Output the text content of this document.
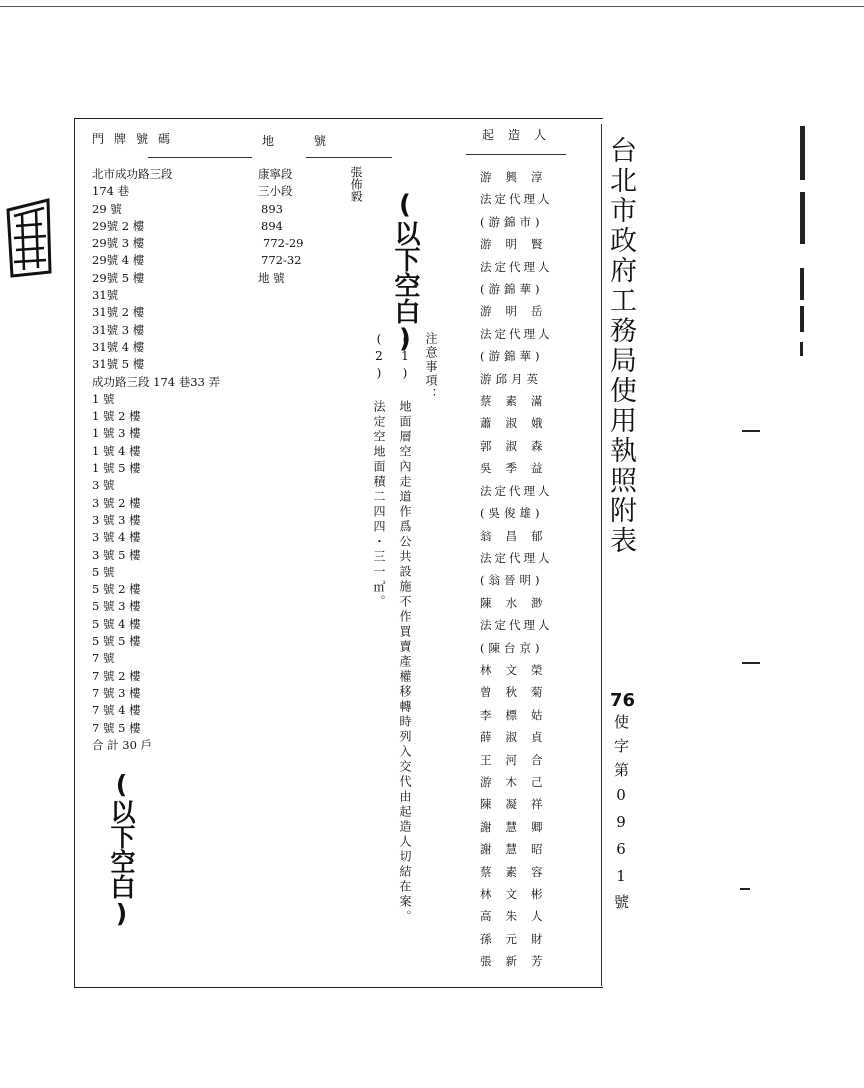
門牌號碼	地號	起造人
北市成功路三段
174 巷
29 號
29號 2 樓
29號 3 樓
29號 4 樓
29號 5 樓
31號
31號 2 樓
31號 3 樓
31號 4 樓
31號 5 樓
成功路三段 174 巷33 弄
1 號
1 號 2 樓
1 號 3 樓
1 號 4 樓
1 號 5 樓
3 號
3 號 2 樓
3 號 3 樓
3 號 4 樓
3 號 5 樓
5 號
5 號 2 樓
5 號 3 樓
5 號 4 樓
5 號 5 樓
7 號
7 號 2 樓
7 號 3 樓
7 號 4 樓
7 號 5 樓
合 計 30 戶
(以下空白)
康寧段
三小段
893
894
772-29
772-32
地 號
張佈毅
(以下空白)
注意事項：
(1) 地面層空內走道作爲公共設施不作買賣產權移轉時列入交代由起造人切結在案。
(2) 法定空地面積二四四・三一㎡。
游興淳
法定代理人
(游錦市)
游明賢
法定代理人
(游錦華)
游明岳
法定代理人
(游錦華)
游邱月英
蔡素滿
蕭淑娥
郭淑森
吳季益
法定代理人
(吳俊雄)
翁昌郁
法定代理人
(翁晉明)
陳水渺
法定代理人
(陳台京)
林文榮
曾秋菊
李標姑
薛淑貞
王河合
游木己
陳凝祥
謝慧卿
謝慧昭
蔡素容
林文彬
高朱人
孫元財
張新芳
台北市政府工務局使用執照附表
76
使字第0961號
